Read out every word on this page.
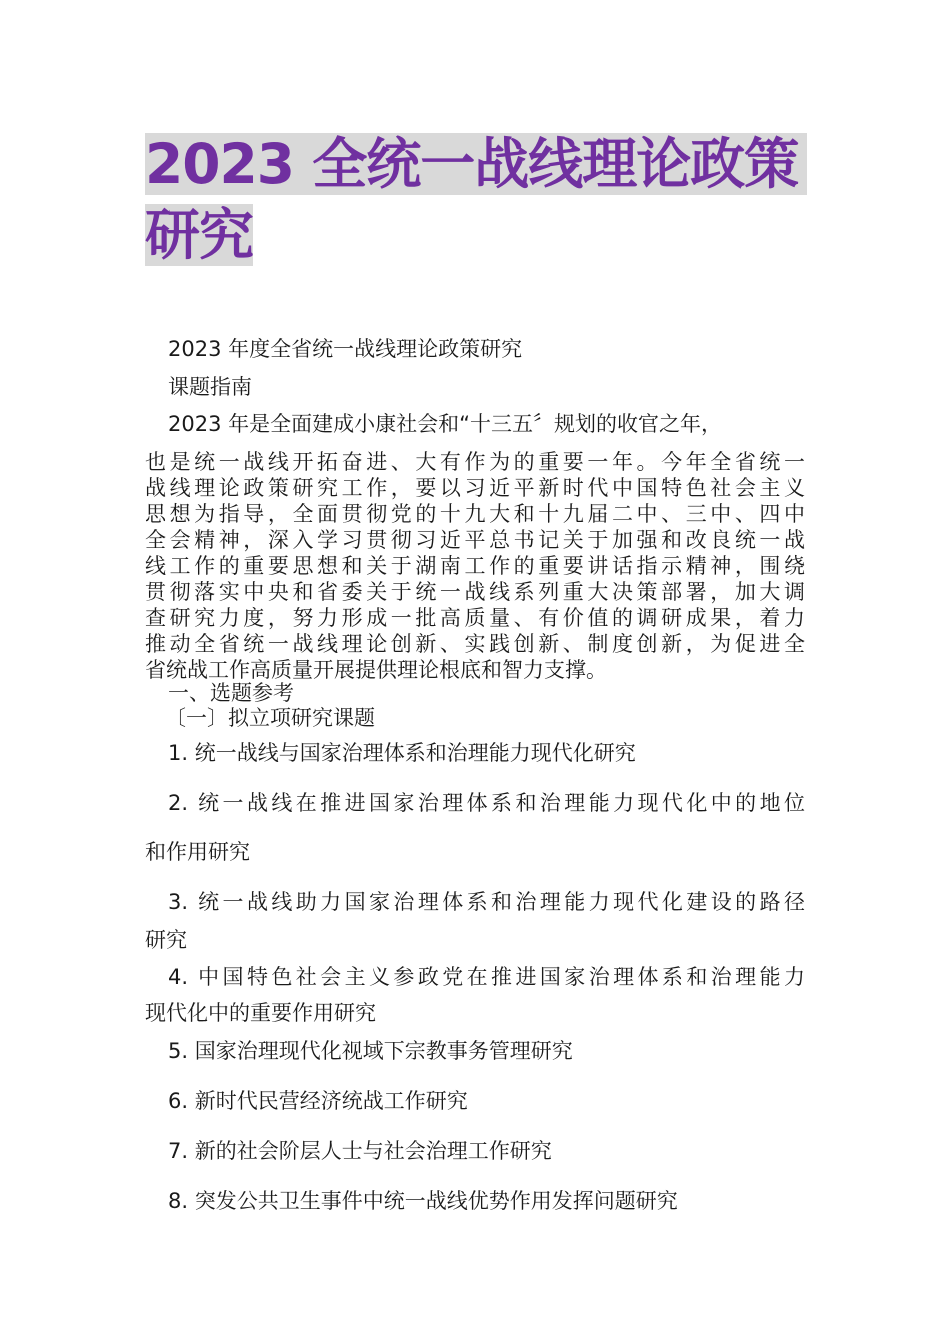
2023 全统一战线理论政策
研究
2023 年度全省统一战线理论政策研究
课题指南
2023 年是全面建成小康社会和“十三五〞规划的收官之年，
也是统一战线开拓奋进、大有作为的重要一年。今年全省统一
战线理论政策研究工作，要以习近平新时代中国特色社会主义
思想为指导，全面贯彻党的十九大和十九届二中、三中、四中
全会精神，深入学习贯彻习近平总书记关于加强和改良统一战
线工作的重要思想和关于湖南工作的重要讲话指示精神，围绕
贯彻落实中央和省委关于统一战线系列重大决策部署，加大调
查研究力度，努力形成一批高质量、有价值的调研成果，着力
推动全省统一战线理论创新、实践创新、制度创新，为促进全
省统战工作高质量开展提供理论根底和智力支撑。
一、选题参考
〔一〕拟立项研究课题
1. 统一战线与国家治理体系和治理能力现代化研究
2. 统一战线在推进国家治理体系和治理能力现代化中的地位
和作用研究
3. 统一战线助力国家治理体系和治理能力现代化建设的路径
研究
4. 中国特色社会主义参政党在推进国家治理体系和治理能力
现代化中的重要作用研究
5. 国家治理现代化视域下宗教事务管理研究
6. 新时代民营经济统战工作研究
7. 新的社会阶层人士与社会治理工作研究
8. 突发公共卫生事件中统一战线优势作用发挥问题研究
